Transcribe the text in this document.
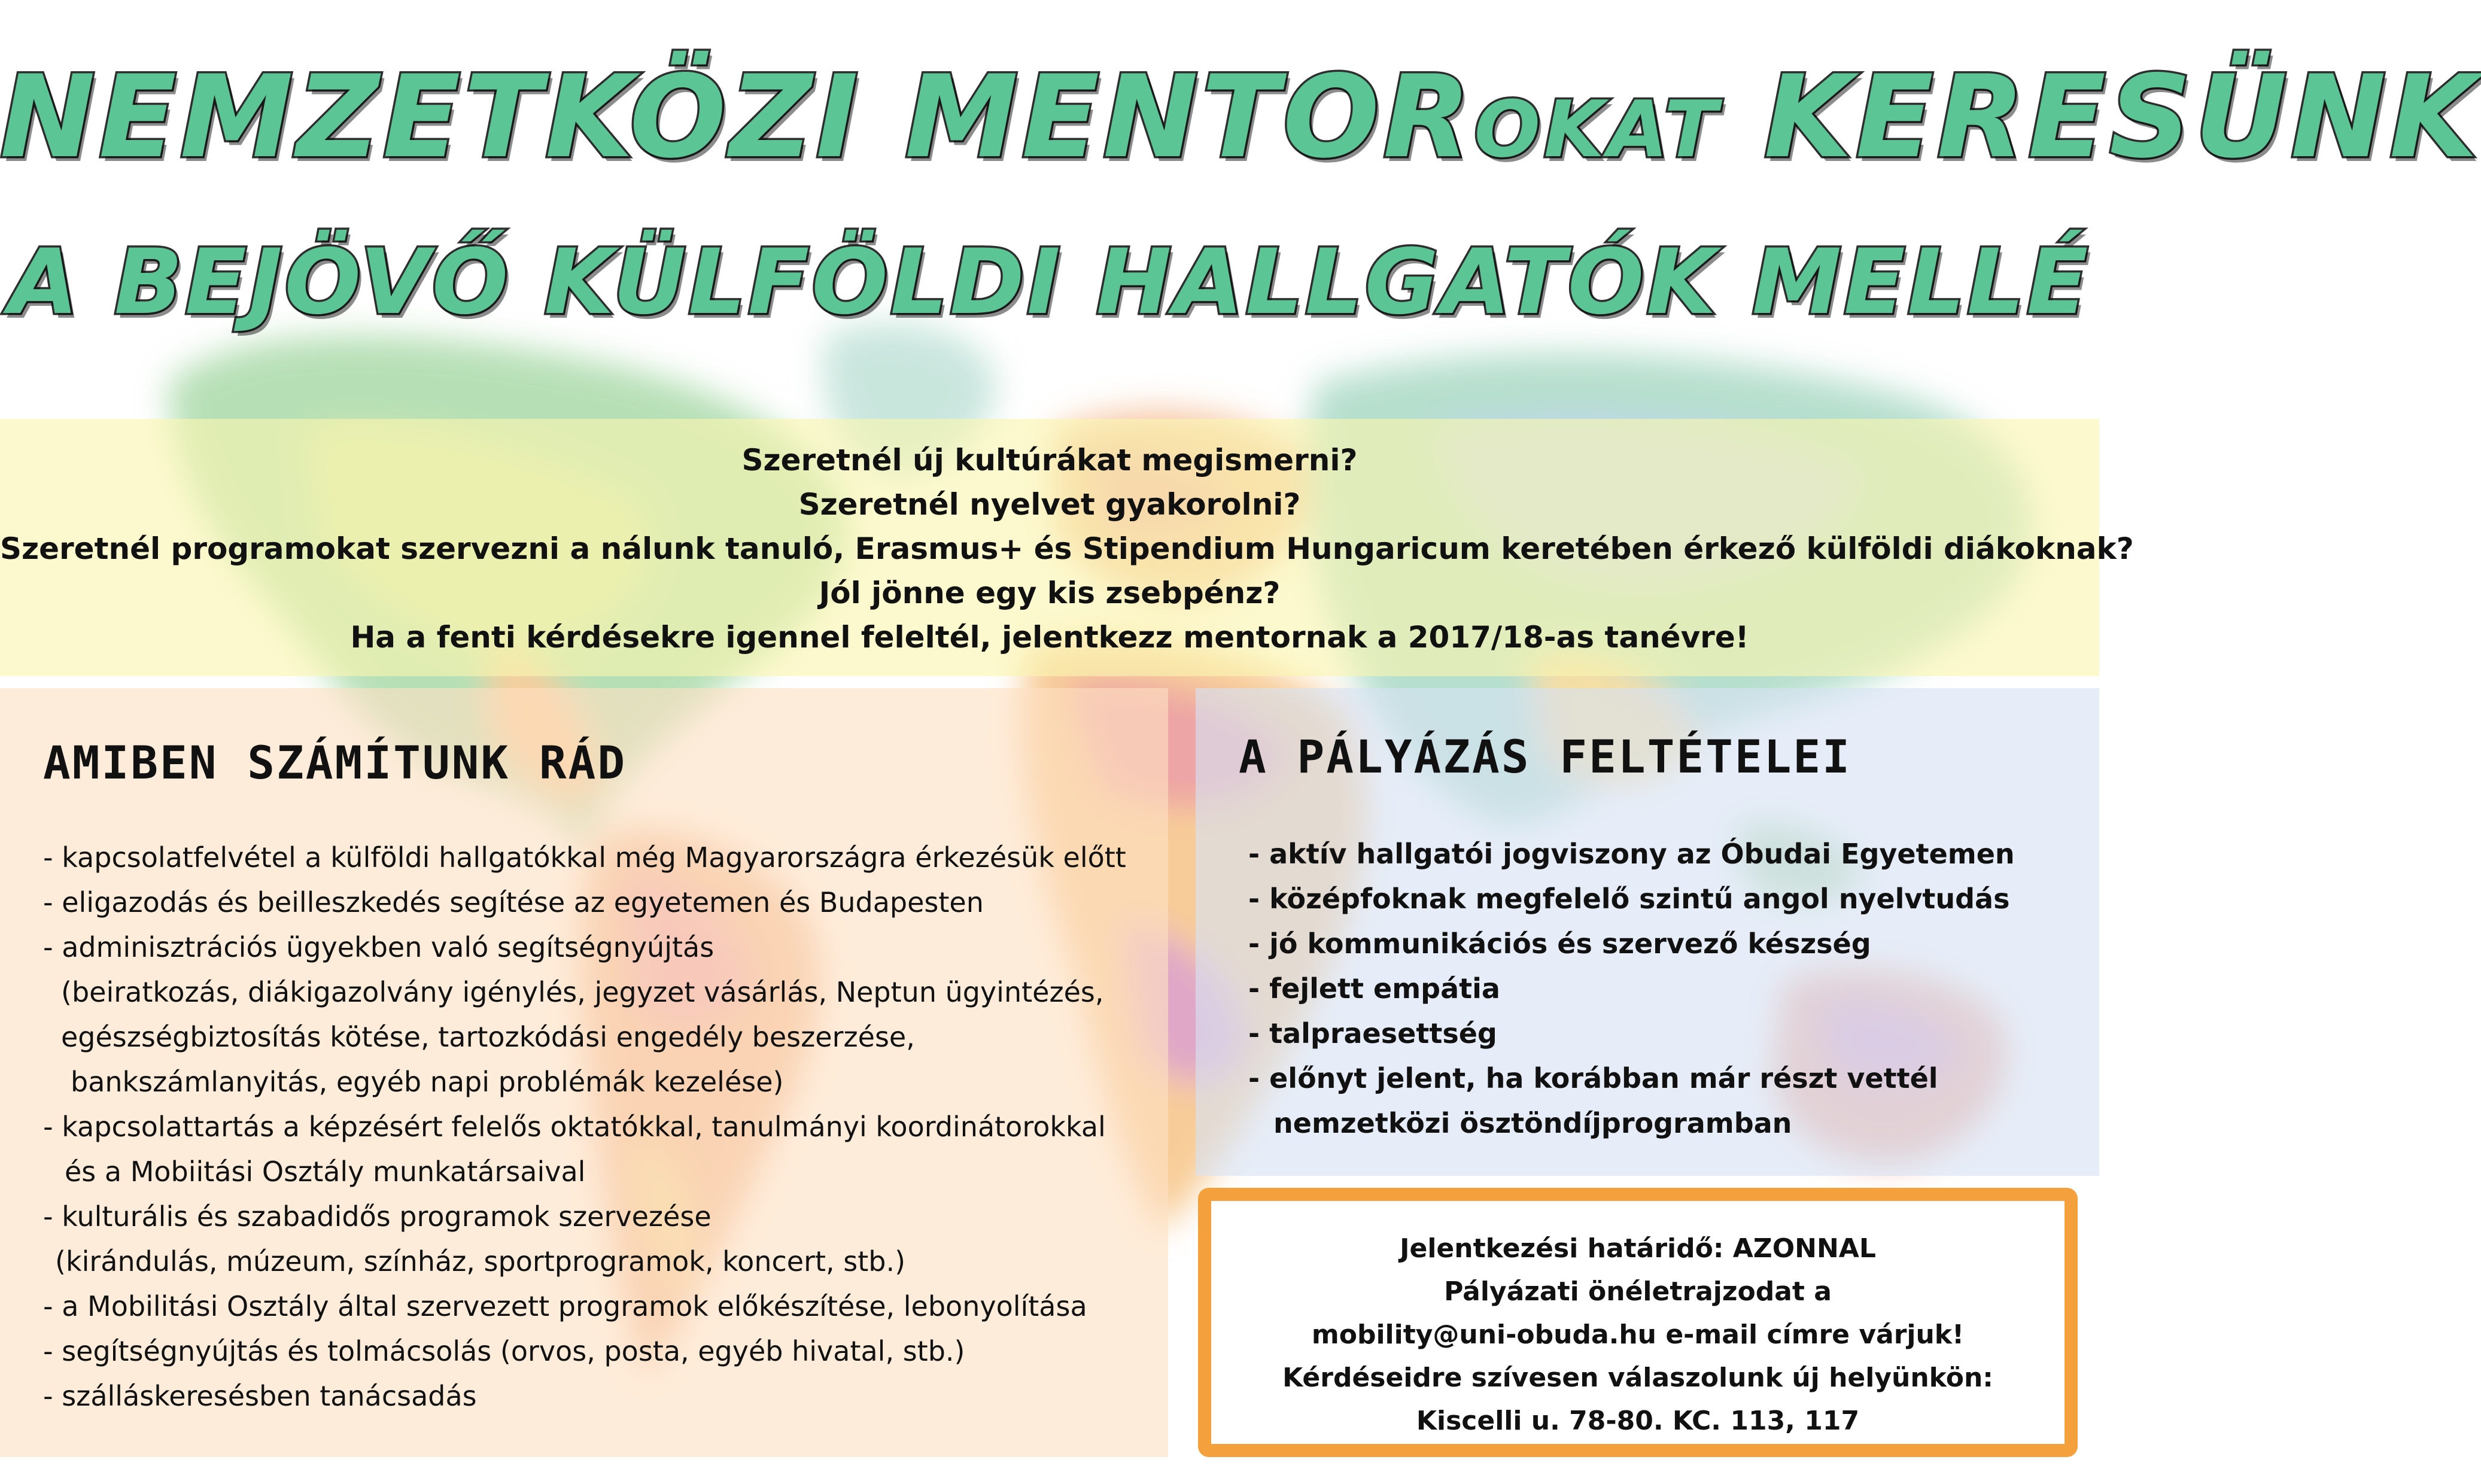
NEMZETKÖZI MENTOROKAT KERESÜNK
A BEJÖVŐ KÜLFÖLDI HALLGATÓK MELLÉ
Szeretnél új kultúrákat megismerni?
Szeretnél nyelvet gyakorolni?
Szeretnél programokat szervezni a nálunk tanuló, Erasmus+ és Stipendium Hungaricum keretében érkező külföldi diákoknak?
Jól jönne egy kis zsebpénz?
Ha a fenti kérdésekre igennel feleltél, jelentkezz mentornak a 2017/18-as tanévre!
AMIBEN SZÁMÍTUNK RÁD
- kapcsolatfelvétel a külföldi hallgatókkal még Magyarországra érkezésük előtt
- eligazodás és beilleszkedés segítése az egyetemen és Budapesten
- adminisztrációs ügyekben való segítségnyújtás
(beiratkozás, diákigazolvány igénylés, jegyzet vásárlás, Neptun ügyintézés,
egészségbiztosítás kötése, tartozkódási engedély beszerzése,
bankszámlanyitás, egyéb napi problémák kezelése)
- kapcsolattartás a képzésért felelős oktatókkal, tanulmányi koordinátorokkal
és a Mobiitási Osztály munkatársaival
- kulturális és szabadidős programok szervezése
(kirándulás, múzeum, színház, sportprogramok, koncert, stb.)
- a Mobilitási Osztály által szervezett programok előkészítése, lebonyolítása
- segítségnyújtás és tolmácsolás (orvos, posta, egyéb hivatal, stb.)
- szálláskeresésben tanácsadás
A PÁLYÁZÁS FELTÉTELEI
- aktív hallgatói jogviszony az Óbudai Egyetemen
- középfoknak megfelelő szintű angol nyelvtudás
- jó kommunikációs és szervező készség
- fejlett empátia
- talpraesettség
- előnyt jelent, ha korábban már részt vettél
nemzetközi ösztöndíjprogramban
Jelentkezési határidő: AZONNAL
Pályázati önéletrajzodat a
mobility@uni-obuda.hu e-mail címre várjuk!
Kérdéseidre szívesen válaszolunk új helyünkön:
Kiscelli u. 78-80. KC. 113, 117
